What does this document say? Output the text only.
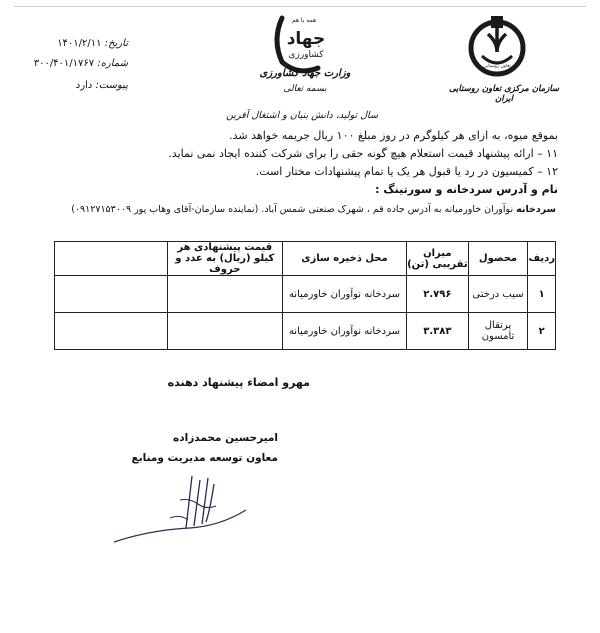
تاریخ: ۱۴۰۱/۲/۱۱
شماره: ۳۰۰/۴۰۱/۱۷۶۷
پیوست: دارد
همه با هم
جهاد
کشاورزی
وزارت جهاد کشاورزی
بسمه تعالی
تعاون روستایی
سازمان مرکزی تعاون روستایی ایران
سال تولید، دانش بنیان و اشتغال آفرین
بموقع میوه، به ازای هر کیلوگرم در روز مبلغ ۱۰۰ ریال جریمه خواهد شد.
۱۱ – ارائه پیشنهاد قیمت استعلام هیچ گونه حقی را برای شرکت کننده ایجاد نمی نماید.
۱۲ – کمیسیون در رد یا قبول هر یک یا تمام پیشنهادات مختار است.
نام و آدرس سردخانه و سورتینگ :
سردخانه نوآوران خاورمیانه به آدرس جاده قم ، شهرک صنعتی شمس آباد. (نماینده سازمان-آقای وهاب پور ۰۹۱۲۷۱۵۳۰۰۹)
ردیف	محصول	میزان تقریبی (تن)	محل ذخیره سازی	قیمت پیشنهادی هر کیلو (ریال) به عدد و حروف	
۱	سیب درختی	۲.۷۹۶	سردخانه نوآوران خاورمیانه		
۲	پرتقال تامسون	۳.۳۸۳	سردخانه نوآوران خاورمیانه		
مهرو امضاء پیشنهاد دهنده
امیرحسین محمدزاده
معاون توسعه مدیریت ومنابع
